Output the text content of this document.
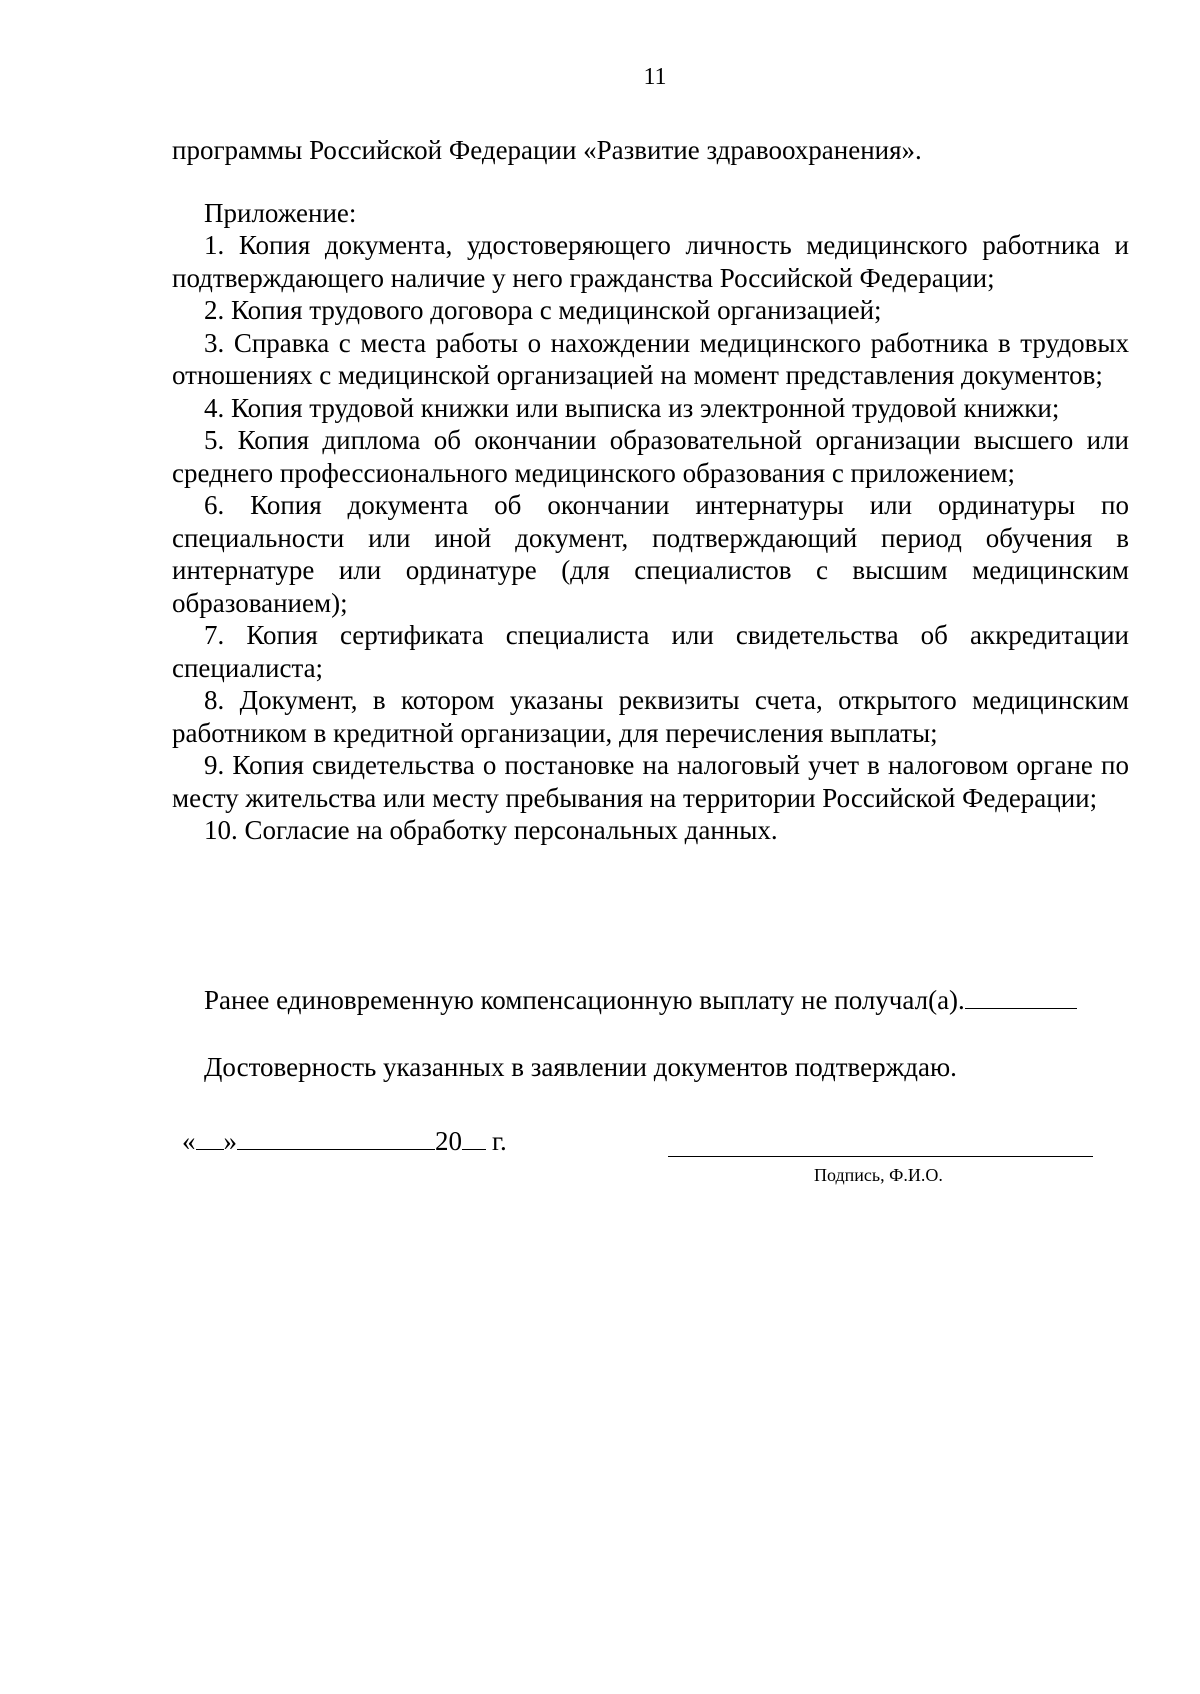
11

программы Российской Федерации «Развитие здравоохранения».

Приложение:

1. Копия документа, удостоверяющего личность медицинского работника и подтверждающего наличие у него гражданства Российской Федерации;

2. Копия трудового договора с медицинской организацией;

3. Справка с места работы о нахождении медицинского работника в трудовых отношениях с медицинской организацией на момент представления документов;

4. Копия трудовой книжки или выписка из электронной трудовой книжки;

5. Копия диплома об окончании образовательной организации высшего или среднего профессионального медицинского образования с приложением;

6. Копия документа об окончании интернатуры или ординатуры по специальности или иной документ, подтверждающий период обучения в интернатуре или ординатуре (для специалистов с высшим медицинским образованием);

7. Копия сертификата специалиста или свидетельства об аккредитации специалиста;

8. Документ, в котором указаны реквизиты счета, открытого медицинским работником в кредитной организации, для перечисления выплаты;

9. Копия свидетельства о постановке на налоговый учет в налоговом органе по месту жительства или месту пребывания на территории Российской Федерации;

10. Согласие на обработку персональных данных.

Ранее единовременную компенсационную выплату не получал(а).
Достоверность указанных в заявлении документов подтверждаю.
« »	20 г.
Подпись, Ф.И.О.
